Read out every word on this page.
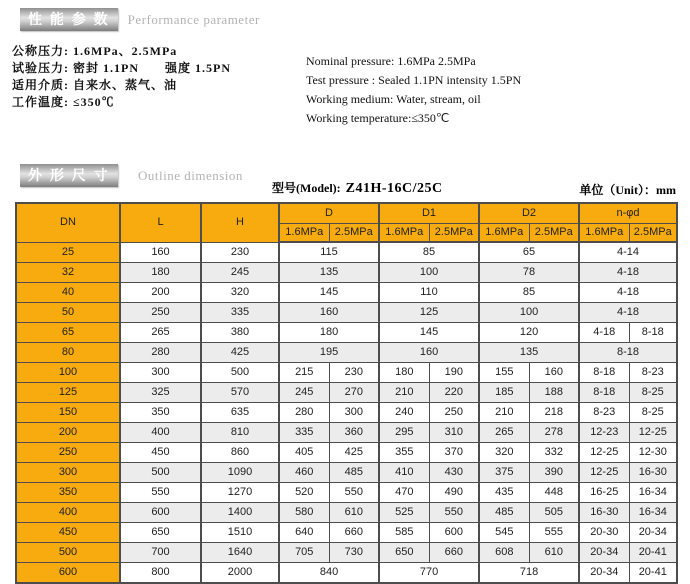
性 能 参 数 Performance parameter
公称压力: 1.6MPa、2.5MPa
试验压力: 密封 1.1PN　　强度 1.5PN
适用介质: 自来水、蒸气、油
工作温度: ≤350℃
Nominal pressure: 1.6MPa 2.5MPa
Test pressure : Sealed 1.1PN intensity 1.5PN
Working medium: Water, stream, oil
Working temperature:≤350℃
外 形 尺 寸	Outline dimension
型号(Model): Z41H-16C/25C	单位（Unit）：mm
DN	L	H	D		D1		D2		n-φd	
			1.6MPa	2.5MPa	1.6MPa	2.5MPa	1.6MPa	2.5MPa	1.6MPa	2.5MPa
25	160	230	115		85		65		4-14	
32	180	245	135		100		78		4-18	
40	200	320	145		110		85		4-18	
50	250	335	160		125		100		4-18	
65	265	380	180		145		120		4-18	8-18
80	280	425	195		160		135		8-18	
100	300	500	215	230	180	190	155	160	8-18	8-23
125	325	570	245	270	210	220	185	188	8-18	8-25
150	350	635	280	300	240	250	210	218	8-23	8-25
200	400	810	335	360	295	310	265	278	12-23	12-25
250	450	860	405	425	355	370	320	332	12-25	12-30
300	500	1090	460	485	410	430	375	390	12-25	16-30
350	550	1270	520	550	470	490	435	448	16-25	16-34
400	600	1400	580	610	525	550	485	505	16-30	16-34
450	650	1510	640	660	585	600	545	555	20-30	20-34
500	700	1640	705	730	650	660	608	610	20-34	20-41
600	800	2000	840		770		718		20-34	20-41
